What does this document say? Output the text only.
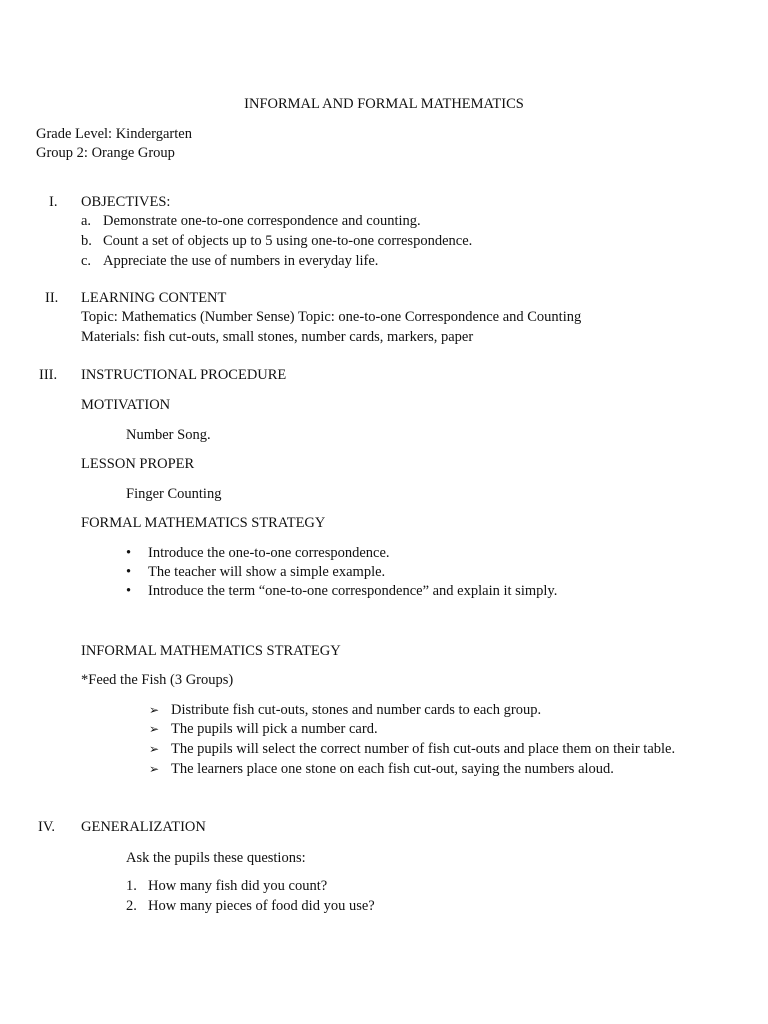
INFORMAL AND FORMAL MATHEMATICS
Grade Level: Kindergarten
Group 2: Orange Group
I. OBJECTIVES:
a. Demonstrate one-to-one correspondence and counting.
b. Count a set of objects up to 5 using one-to-one correspondence.
c. Appreciate the use of numbers in everyday life.
II. LEARNING CONTENT
Topic: Mathematics (Number Sense) Topic: one-to-one Correspondence and Counting
Materials: fish cut-outs, small stones, number cards, markers, paper
III. INSTRUCTIONAL PROCEDURE
MOTIVATION
Number Song.
LESSON PROPER
Finger Counting
FORMAL MATHEMATICS STRATEGY
• Introduce the one-to-one correspondence.
• The teacher will show a simple example.
• Introduce the term “one-to-one correspondence” and explain it simply.
INFORMAL MATHEMATICS STRATEGY
*Feed the Fish (3 Groups)
➢ Distribute fish cut-outs, stones and number cards to each group.
➢ The pupils will pick a number card.
➢ The pupils will select the correct number of fish cut-outs and place them on their table.
➢ The learners place one stone on each fish cut-out, saying the numbers aloud.
IV. GENERALIZATION
Ask the pupils these questions:
1. How many fish did you count?
2. How many pieces of food did you use?
